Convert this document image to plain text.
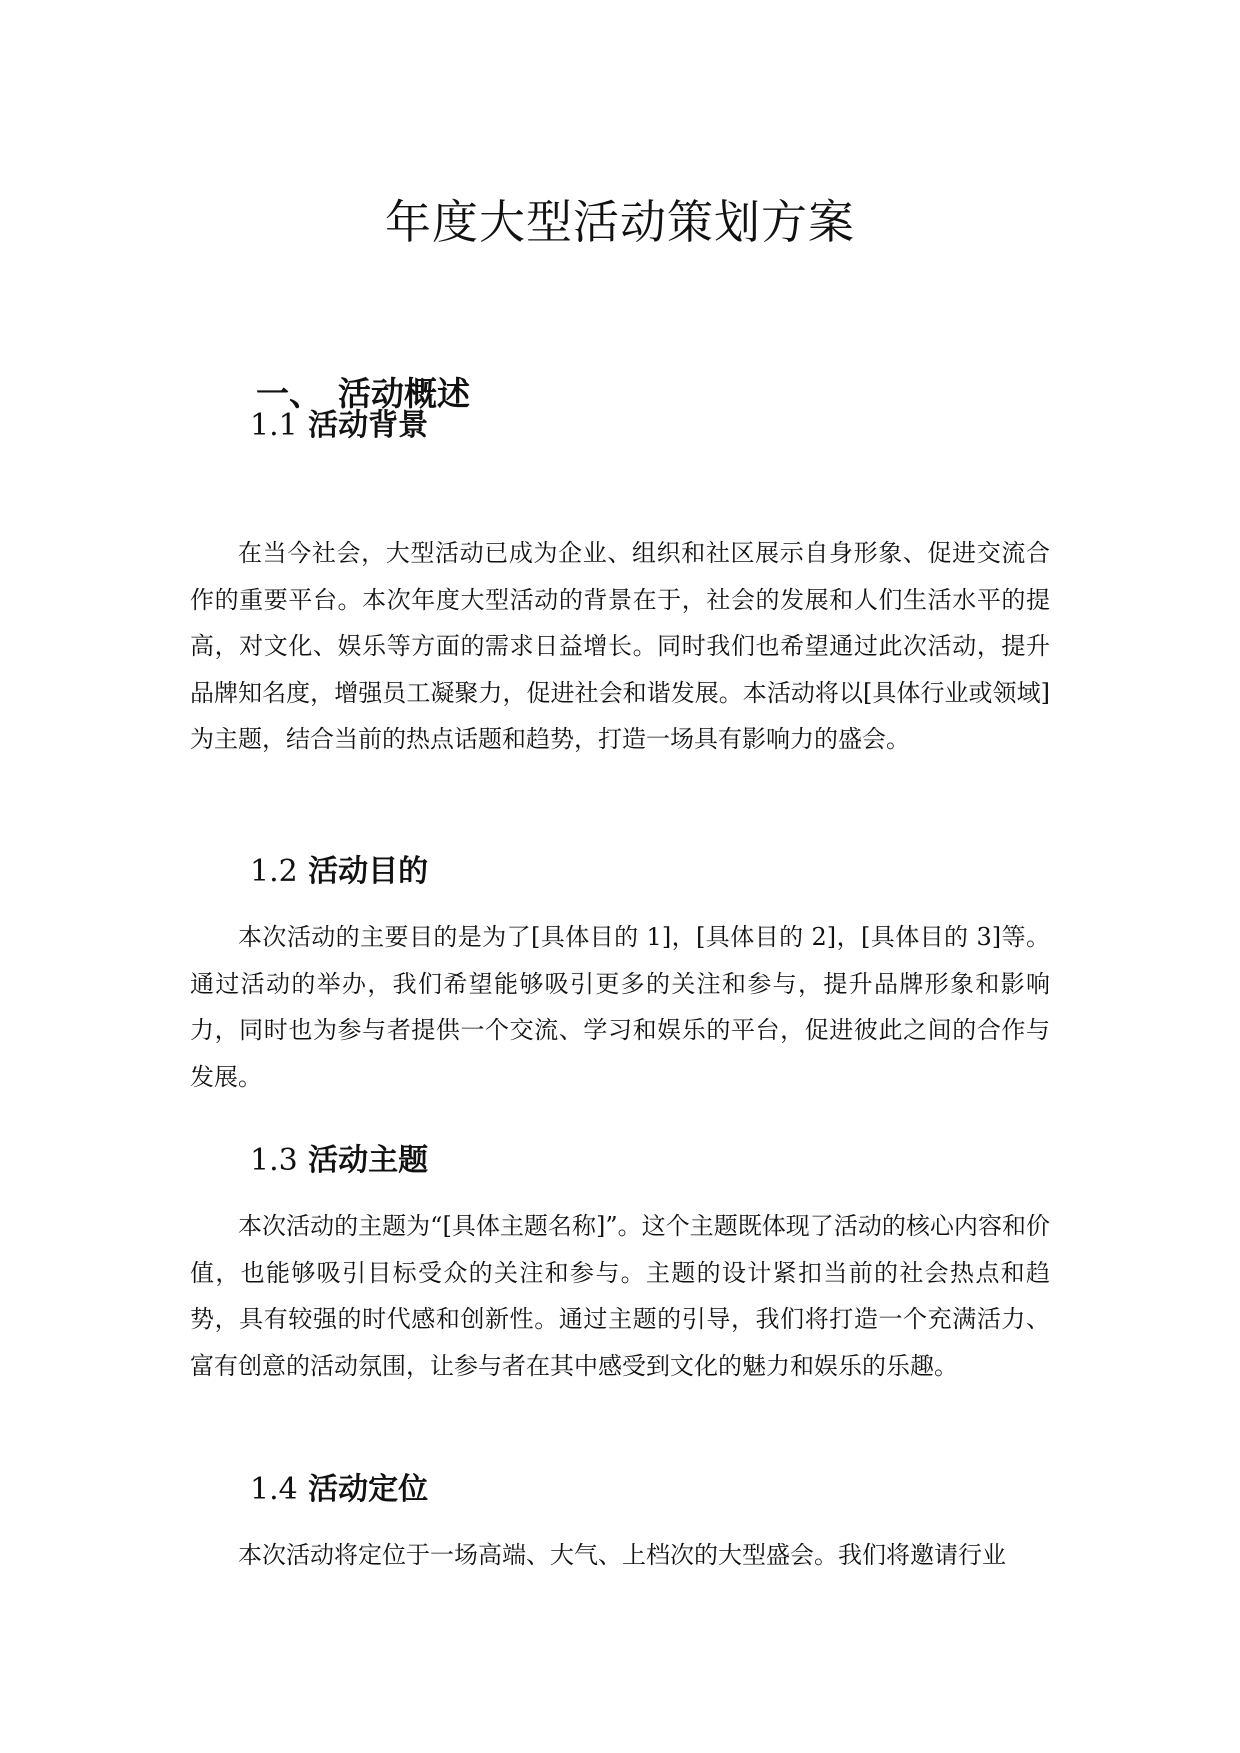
年度大型活动策划方案
一、 活动概述
1.1 活动背景

在当今社会，大型活动已成为企业、组织和社区展示自身形象、促进交流合作的重要平台。本次年度大型活动的背景在于，社会的发展和人们生活水平的提高，对文化、娱乐等方面的需求日益增长。同时我们也希望通过此次活动，提升品牌知名度，增强员工凝聚力，促进社会和谐发展。本活动将以[具体行业或领域]为主题，结合当前的热点话题和趋势，打造一场具有影响力的盛会。

1.2 活动目的

本次活动的主要目的是为了[具体目的 1]，[具体目的 2]，[具体目的 3]等。通过活动的举办，我们希望能够吸引更多的关注和参与，提升品牌形象和影响力，同时也为参与者提供一个交流、学习和娱乐的平台，促进彼此之间的合作与发展。

1.3 活动主题

本次活动的主题为“[具体主题名称]”。这个主题既体现了活动的核心内容和价值，也能够吸引目标受众的关注和参与。主题的设计紧扣当前的社会热点和趋势，具有较强的时代感和创新性。通过主题的引导，我们将打造一个充满活力、富有创意的活动氛围，让参与者在其中感受到文化的魅力和娱乐的乐趣。

1.4 活动定位

本次活动将定位于一场高端、大气、上档次的大型盛会。我们将邀请行业
